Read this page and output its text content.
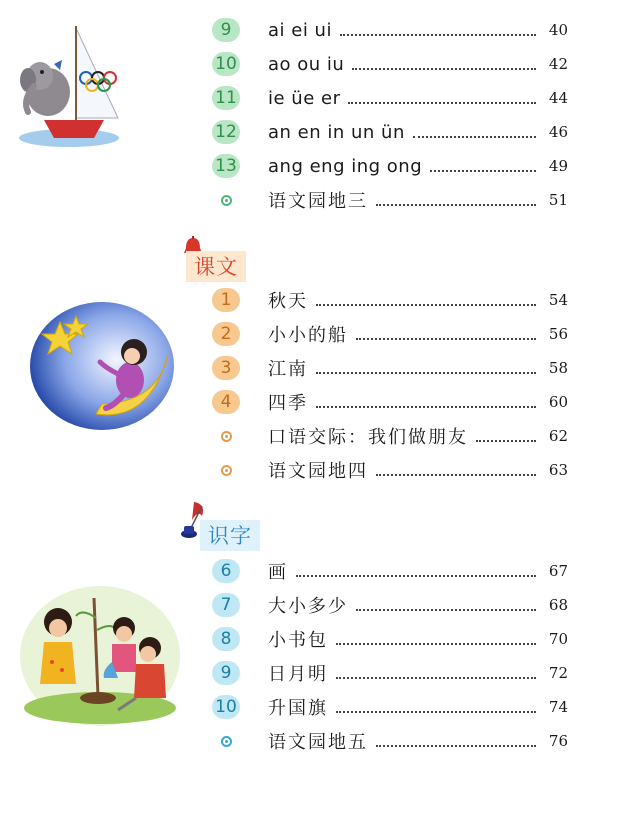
9	ai ei ui	40
10 ao ou iu	42
11 ie üe er	44
12 an en in un ün	46
13 ang eng ing ong	49
语文园地三	51
课文
1	秋天	54
2	小小的船	56
3	江南	58
4	四季	60
口语交际：我们做朋友	62
语文园地四	63
识字
6	画	67
7	大小多少	68
8	小书包	70
9	日月明	72
10 升国旗	74
语文园地五	76
